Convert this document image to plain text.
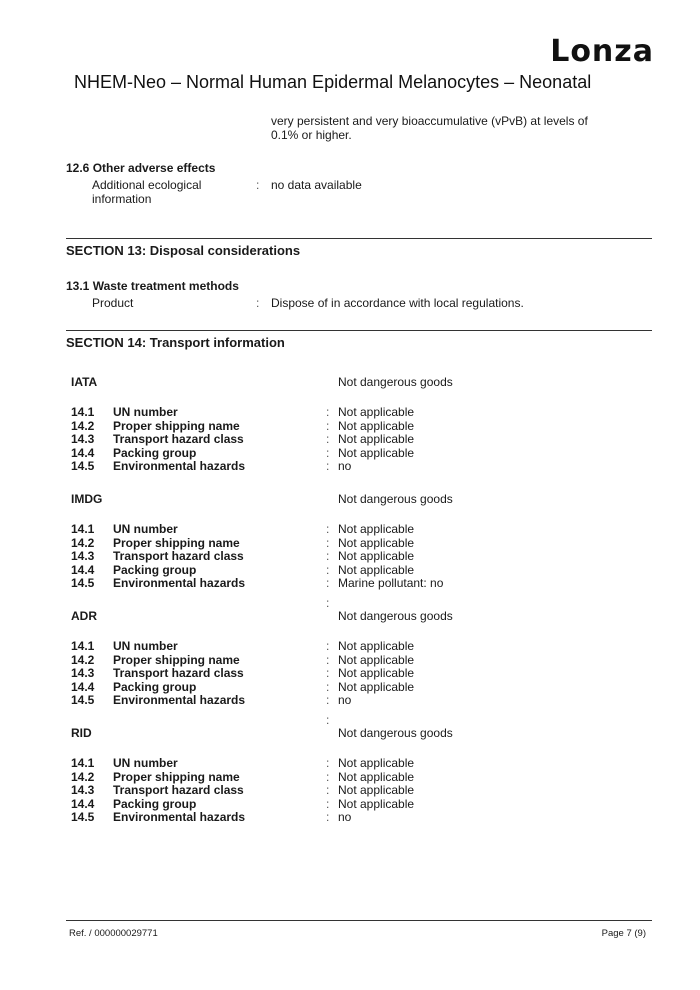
Lonza
NHEM-Neo – Normal Human Epidermal Melanocytes – Neonatal
very persistent and very bioaccumulative (vPvB) at levels of
0.1% or higher.
12.6 Other adverse effects
Additional ecological
information
: no data available
SECTION 13: Disposal considerations
13.1 Waste treatment methods
Product	: Dispose of in accordance with local regulations.
SECTION 14: Transport information
IATA	Not dangerous goods
14.1 UN number	: Not applicable
14.2 Proper shipping name	: Not applicable
14.3 Transport hazard class	: Not applicable
14.4 Packing group	: Not applicable
14.5 Environmental hazards	: no
IMDG	Not dangerous goods
14.1 UN number	: Not applicable
14.2 Proper shipping name	: Not applicable
14.3 Transport hazard class	: Not applicable
14.4 Packing group	: Not applicable
14.5 Environmental hazards	: Marine pollutant: no
:
ADR	Not dangerous goods
14.1 UN number	: Not applicable
14.2 Proper shipping name	: Not applicable
14.3 Transport hazard class	: Not applicable
14.4 Packing group	: Not applicable
14.5 Environmental hazards	: no
:
RID	Not dangerous goods
14.1 UN number	: Not applicable
14.2 Proper shipping name	: Not applicable
14.3 Transport hazard class	: Not applicable
14.4 Packing group	: Not applicable
14.5 Environmental hazards	: no
Ref. / 000000029771	Page 7 (9)
